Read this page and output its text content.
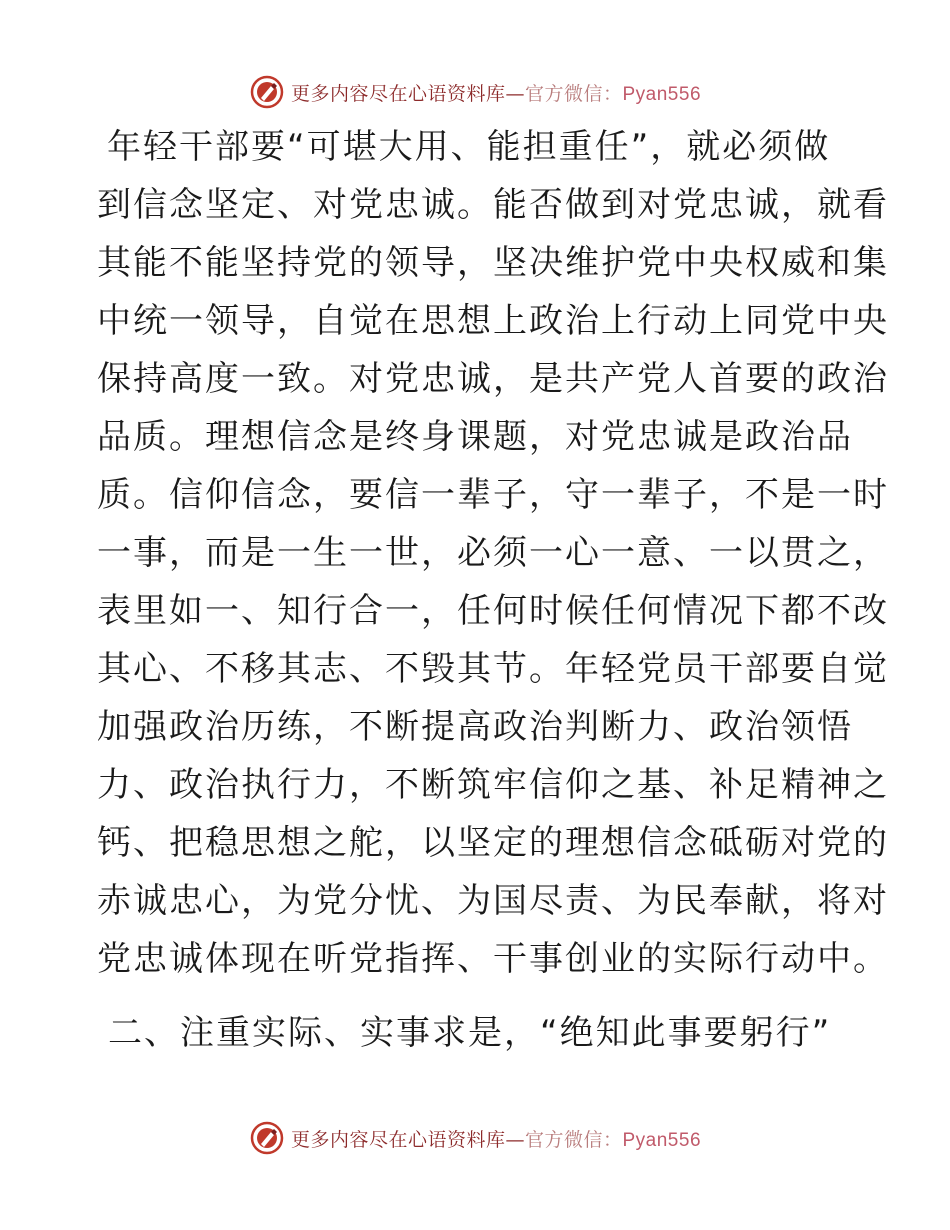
更多内容尽在心语资料库—官方微信：Pyan556
年轻干部要“可堪大用、能担重任”，就必须做
到信念坚定、对党忠诚。能否做到对党忠诚，就看
其能不能坚持党的领导，坚决维护党中央权威和集
中统一领导，自觉在思想上政治上行动上同党中央
保持高度一致。对党忠诚，是共产党人首要的政治
品质。理想信念是终身课题，对党忠诚是政治品
质。信仰信念，要信一辈子，守一辈子，不是一时
一事，而是一生一世，必须一心一意、一以贯之，
表里如一、知行合一，任何时候任何情况下都不改
其心、不移其志、不毁其节。年轻党员干部要自觉
加强政治历练，不断提高政治判断力、政治领悟
力、政治执行力，不断筑牢信仰之基、补足精神之
钙、把稳思想之舵，以坚定的理想信念砥砺对党的
赤诚忠心，为党分忧、为国尽责、为民奉献，将对
党忠诚体现在听党指挥、干事创业的实际行动中。
二、注重实际、实事求是，“绝知此事要躬行”
更多内容尽在心语资料库—官方微信：Pyan556
